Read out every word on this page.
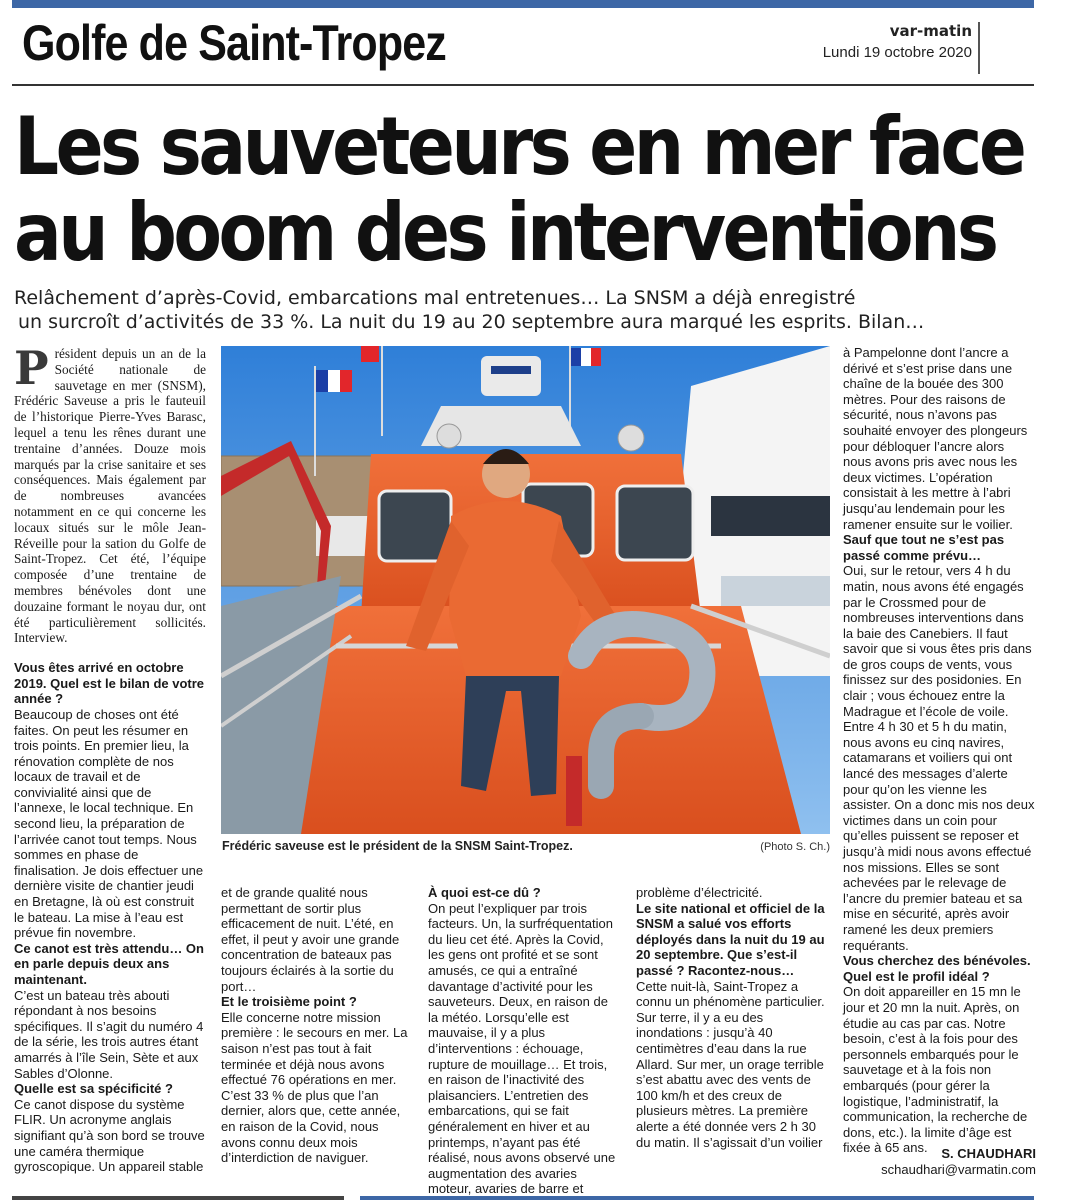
Golfe de Saint-Tropez	var-matin
Lundi 19 octobre 2020
Les sauveteurs en mer face
au boom des interventions
Relâchement d’après-Covid, embarcations mal entretenues… La SNSM a déjà enregistré
un surcroît d’activités de 33 %. La nuit du 19 au 20 septembre aura marqué les esprits. Bilan…
P résident depuis un an de la Société nationale de sauvetage en mer (SNSM), Frédéric Saveuse a pris le fauteuil de l’historique Pierre-Yves Barasc, lequel a tenu les rênes durant une trentaine d’années. Douze mois marqués par la crise sanitaire et ses conséquences. Mais également par de nombreuses avancées notamment en ce qui concerne les locaux situés sur le môle Jean-Réveille pour la sation du Golfe de Saint-Tropez. Cet été, l’équipe composée d’une trentaine de membres bénévoles dont une douzaine formant le noyau dur, ont été particulièrement sollicités. Interview.

Vous êtes arrivé en octobre 2019. Quel est le bilan de votre année ?

Beaucoup de choses ont été faites. On peut les résumer en trois points. En premier lieu, la rénovation complète de nos locaux de travail et de convivialité ainsi que de l’annexe, le local technique. En second lieu, la préparation de l’arrivée canot tout temps. Nous sommes en phase de finalisation. Je dois effectuer une dernière visite de chantier jeudi en Bretagne, là où est construit le bateau. La mise à l’eau est prévue fin novembre.

Ce canot est très attendu… On en parle depuis deux ans maintenant.

C’est un bateau très abouti répondant à nos besoins spécifiques. Il s’agit du numéro 4 de la série, les trois autres étant amarrés à l’île Sein, Sète et aux Sables d’Olonne.

Quelle est sa spécificité ?

Ce canot dispose du système FLIR. Un acronyme anglais signifiant qu’à son bord se trouve une caméra thermique gyroscopique. Un appareil stable

Frédéric saveuse est le président de la SNSM Saint-Tropez.	(Photo S. Ch.)

et de grande qualité nous permettant de sortir plus efficacement de nuit. L’été, en effet, il peut y avoir une grande concentration de bateaux pas toujours éclairés à la sortie du port…

Et le troisième point ?

Elle concerne notre mission première : le secours en mer. La saison n’est pas tout à fait terminée et déjà nous avons effectué 76 opérations en mer. C’est 33 % de plus que l’an dernier, alors que, cette année, en raison de la Covid, nous avons connu deux mois d’interdiction de naviguer.

À quoi est-ce dû ?

On peut l’expliquer par trois facteurs. Un, la surfréquentation du lieu cet été. Après la Covid, les gens ont profité et se sont amusés, ce qui a entraîné davantage d’activité pour les sauveteurs. Deux, en raison de la météo. Lorsqu’elle est mauvaise, il y a plus d’interventions : échouage, rupture de mouillage… Et trois, en raison de l’inactivité des plaisanciers. L’entretien des embarcations, qui se fait généralement en hiver et au printemps, n’ayant pas été réalisé, nous avons observé une augmentation des avaries moteur, avaries de barre et

problème d’électricité.

Le site national et officiel de la SNSM a salué vos efforts déployés dans la nuit du 19 au 20 septembre. Que s’est-il passé ? Racontez-nous…

Cette nuit-là, Saint-Tropez a connu un phénomène particulier. Sur terre, il y a eu des inondations : jusqu’à 40 centimètres d’eau dans la rue Allard. Sur mer, un orage terrible s’est abattu avec des vents de 100 km/h et des creux de plusieurs mètres. La première alerte a été donnée vers 2 h 30 du matin. Il s’agissait d’un voilier

à Pampelonne dont l’ancre a dérivé et s’est prise dans une chaîne de la bouée des 300 mètres. Pour des raisons de sécurité, nous n’avons pas souhaité envoyer des plongeurs pour débloquer l’ancre alors nous avons pris avec nous les deux victimes. L’opération consistait à les mettre à l’abri jusqu’au lendemain pour les ramener ensuite sur le voilier.

Sauf que tout ne s’est pas passé comme prévu…

Oui, sur le retour, vers 4 h du matin, nous avons été engagés par le Crossmed pour de nombreuses interventions dans la baie des Canebiers. Il faut savoir que si vous êtes pris dans de gros coups de vents, vous finissez sur des posidonies. En clair ; vous échouez entre la Madrague et l’école de voile. Entre 4 h 30 et 5 h du matin, nous avons eu cinq navires, catamarans et voiliers qui ont lancé des messages d’alerte pour qu’on les vienne les assister. On a donc mis nos deux victimes dans un coin pour qu’elles puissent se reposer et jusqu’à midi nous avons effectué nos missions. Elles se sont achevées par le relevage de l’ancre du premier bateau et sa mise en sécurité, après avoir ramené les deux premiers requérants.

Vous cherchez des bénévoles. Quel est le profil idéal ?

On doit appareiller en 15 mn le jour et 20 mn la nuit. Après, on étudie au cas par cas. Notre besoin, c’est à la fois pour des personnels embarqués pour le sauvetage et à la fois non embarqués (pour gérer la logistique, l’administratif, la communication, la recherche de dons, etc.). la limite d’âge est fixée à 65 ans.	S. CHAUDHARI
schaudhari@varmatin.com
